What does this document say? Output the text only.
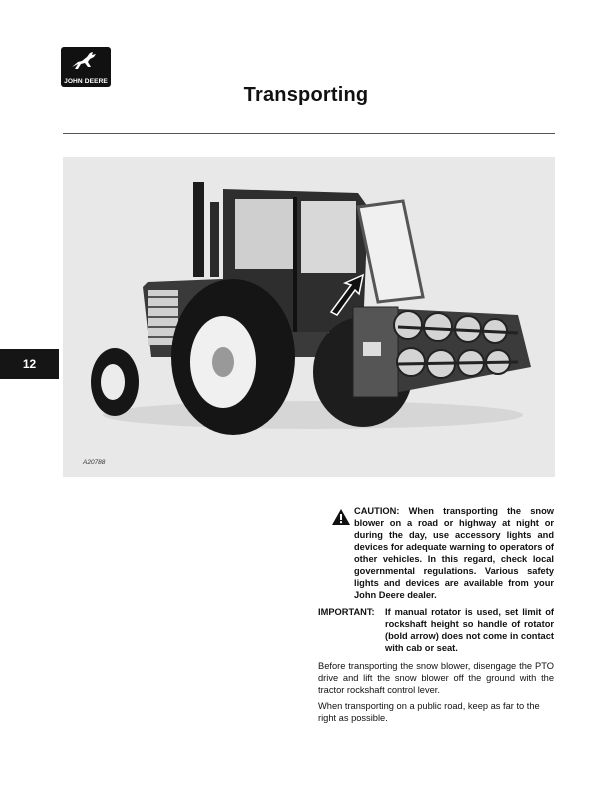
JOHN DEERE
Transporting
A20788
12
CAUTION: When transporting the snow blower on a road or highway at night or during the day, use accessory lights and devices for adequate warning to operators of other vehicles. In this regard, check local governmental regulations. Various safety lights and devices are available from your John Deere dealer.
IMPORTANT: If manual rotator is used, set limit of rockshaft height so handle of rotator (bold arrow) does not come in contact with cab or seat.
Before transporting the snow blower, disengage the PTO drive and lift the snow blower off the ground with the tractor rockshaft control lever.
When transporting on a public road, keep as far to the right as possible.
